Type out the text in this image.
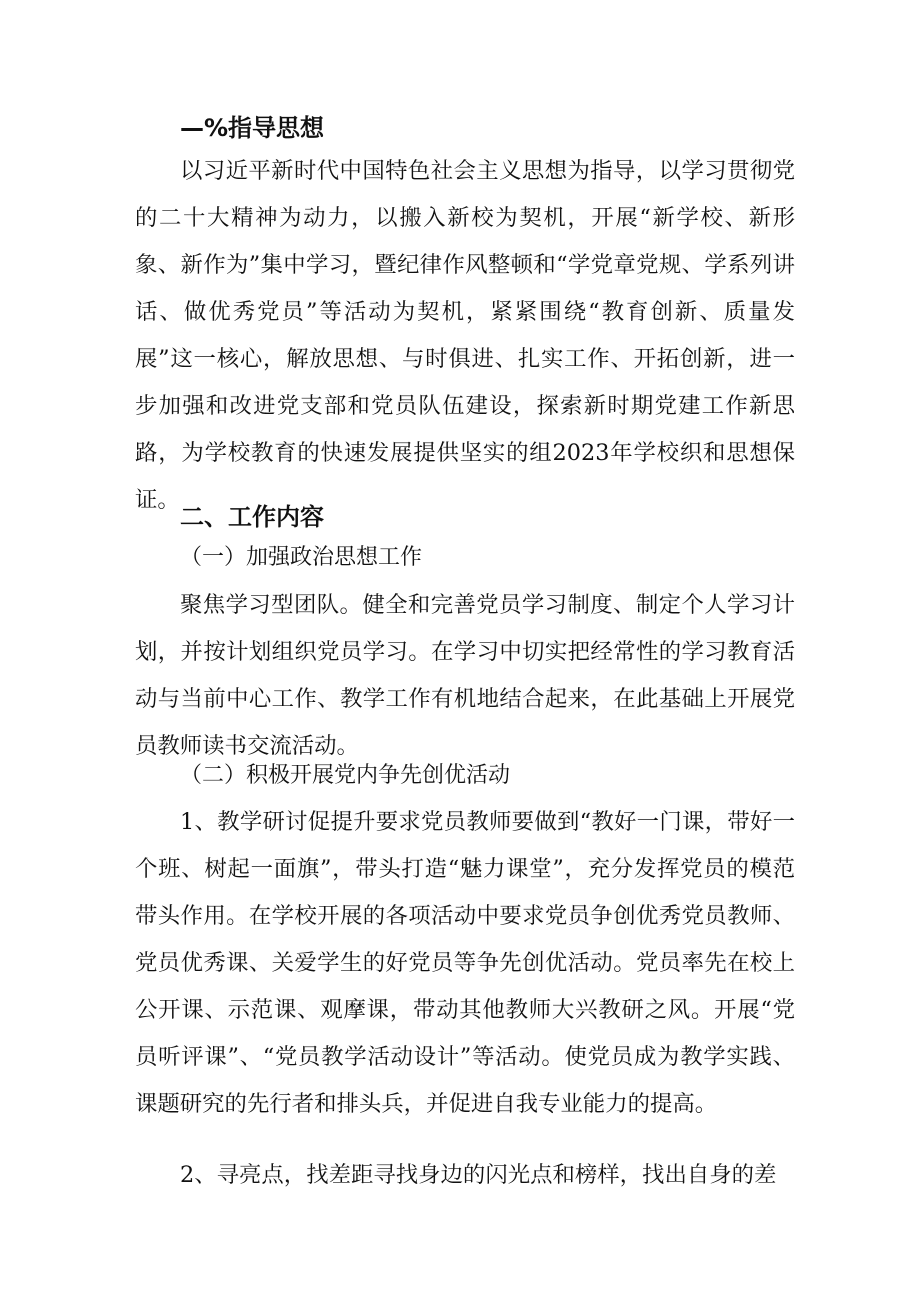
—%指导思想
以习近平新时代中国特色社会主义思想为指导，以学习贯彻党的二十大精神为动力，以搬入新校为契机，开展“新学校、新形象、新作为”集中学习，暨纪律作风整顿和“学党章党规、学系列讲话、做优秀党员”等活动为契机，紧紧围绕“教育创新、质量发展”这一核心，解放思想、与时俱进、扎实工作、开拓创新，进一步加强和改进党支部和党员队伍建设，探索新时期党建工作新思路，为学校教育的快速发展提供坚实的组2023年学校织和思想保证。
二、工作内容
（一）加强政治思想工作
聚焦学习型团队。健全和完善党员学习制度、制定个人学习计划，并按计划组织党员学习。在学习中切实把经常性的学习教育活动与当前中心工作、教学工作有机地结合起来，在此基础上开展党员教师读书交流活动。
（二）积极开展党内争先创优活动
1、教学研讨促提升要求党员教师要做到“教好一门课，带好一个班、树起一面旗”，带头打造“魅力课堂”，充分发挥党员的模范带头作用。在学校开展的各项活动中要求党员争创优秀党员教师、党员优秀课、关爱学生的好党员等争先创优活动。党员率先在校上公开课、示范课、观摩课，带动其他教师大兴教研之风。开展“党员听评课”、“党员教学活动设计”等活动。使党员成为教学实践、课题研究的先行者和排头兵，并促进自我专业能力的提高。
2、寻亮点，找差距寻找身边的闪光点和榜样，找出自身的差
